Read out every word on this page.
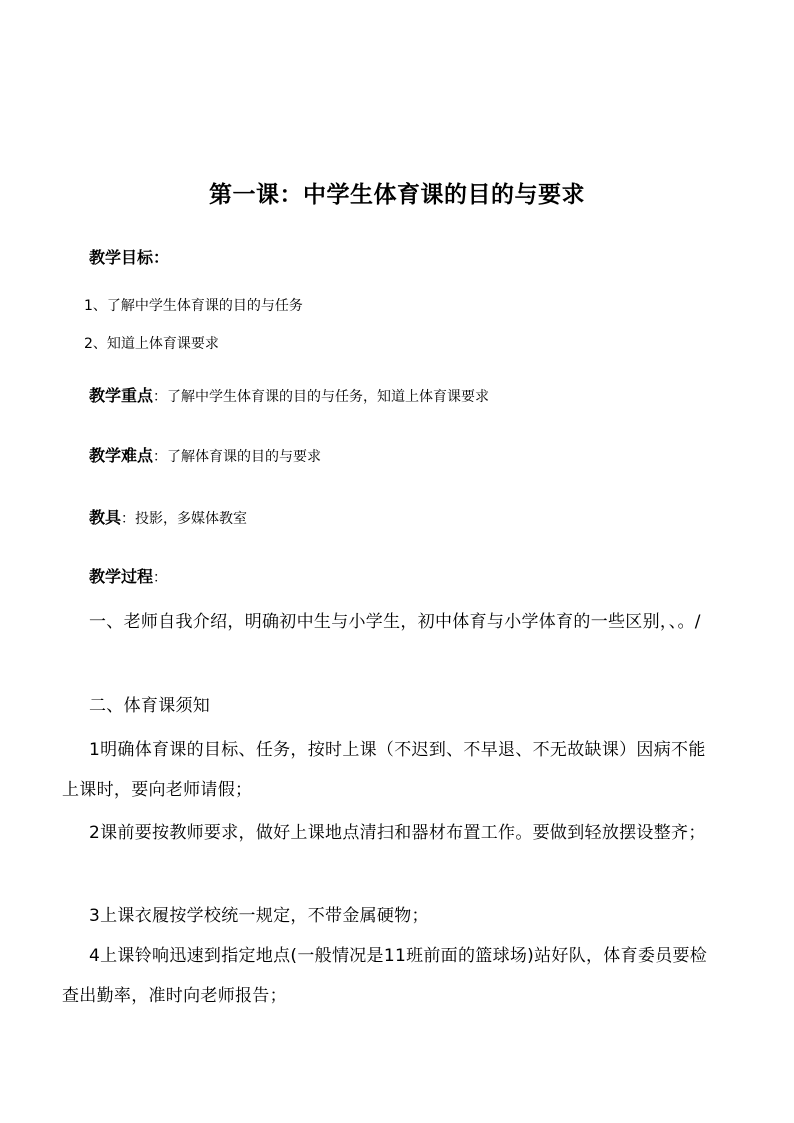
第一课：中学生体育课的目的与要求
教学目标：
1、了解中学生体育课的目的与任务
2、知道上体育课要求
教学重点：了解中学生体育课的目的与任务，知道上体育课要求
教学难点：了解体育课的目的与要求
教具：投影，多媒体教室
教学过程：
一、老师自我介绍，明确初中生与小学生，初中体育与小学体育的一些区别，、。/
二、体育课须知
1明确体育课的目标、任务，按时上课（不迟到、不早退、不无故缺课）因病不能上课时，要向老师请假；
2课前要按教师要求，做好上课地点清扫和器材布置工作。要做到轻放摆设整齐；
3上课衣履按学校统一规定，不带金属硬物；
4上课铃响迅速到指定地点(一般情况是11班前面的篮球场)站好队，体育委员要检查出勤率，准时向老师报告；
